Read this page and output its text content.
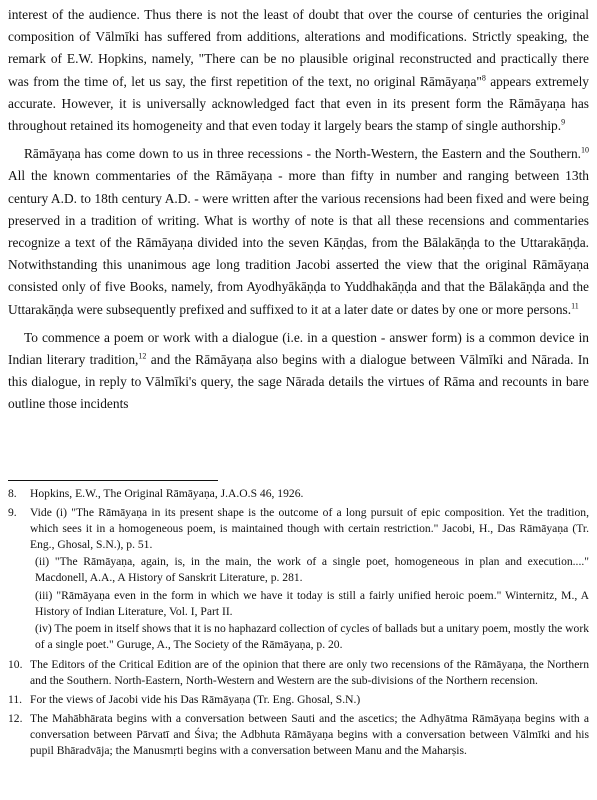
interest of the audience. Thus there is not the least of doubt that over the course of centuries the original composition of Vālmīki has suffered from additions, alterations and modifications. Strictly speaking, the remark of E.W. Hopkins, namely, "There can be no plausible original reconstructed and practically there was from the time of, let us say, the first repetition of the text, no original Rāmāyaṇa"$^8$ appears extremely accurate. However, it is universally acknowledged fact that even in its present form the Rāmāyaṇa has throughout retained its homogeneity and that even today it largely bears the stamp of single authorship.$^9$

Rāmāyaṇa has come down to us in three recessions - the North-Western, the Eastern and the Southern.$^{10}$ All the known commentaries of the Rāmāyaṇa - more than fifty in number and ranging between 13th century A.D. to 18th century A.D. - were written after the various recensions had been fixed and were being preserved in a tradition of writing. What is worthy of note is that all these recensions and commentaries recognize a text of the Rāmāyaṇa divided into the seven Kāṇḍas, from the Bālakāṇḍa to the Uttarakāṇḍa. Notwithstanding this unanimous age long tradition Jacobi asserted the view that the original Rāmāyaṇa consisted only of five Books, namely, from Ayodhyākāṇḍa to Yuddhakāṇḍa and that the Bālakāṇḍa and the Uttarakāṇḍa were subsequently prefixed and suffixed to it at a later date or dates by one or more persons.$^{11}$

To commence a poem or work with a dialogue (i.e. in a question - answer form) is a common device in Indian literary tradition,$^{12}$ and the Rāmāyaṇa also begins with a dialogue between Vālmīki and Nārada. In this dialogue, in reply to Vālmīki's query, the sage Nārada details the virtues of Rāma and recounts in bare outline those incidents

8.	Hopkins, E.W., The Original Rāmāyaṇa, J.A.O.S 46, 1926.
9.	Vide (i) "The Rāmāyaṇa in its present shape is the outcome of a long pursuit of epic composition. Yet the tradition, which sees it in a homogeneous poem, is maintained though with certain restriction." Jacobi, H., Das Rāmāyaṇa (Tr. Eng., Ghosal, S.N.), p. 51.
(ii) "The Rāmāyaṇa, again, is, in the main, the work of a single poet, homogeneous in plan and execution...." Macdonell, A.A., A History of Sanskrit Literature, p. 281.
(iii) "Rāmāyaṇa even in the form in which we have it today is still a fairly unified heroic poem." Winternitz, M., A History of Indian Literature, Vol. I, Part II.
(iv) The poem in itself shows that it is no haphazard collection of cycles of ballads but a unitary poem, mostly the work of a single poet." Guruge, A., The Society of the Rāmāyaṇa, p. 20.
10. The Editors of the Critical Edition are of the opinion that there are only two recensions of the Rāmāyaṇa, the Northern and the Southern. North-Eastern, North-Western and Western are the sub-divisions of the Northern recension.
11. For the views of Jacobi vide his Das Rāmāyaṇa (Tr. Eng. Ghosal, S.N.)
12. The Mahābhārata begins with a conversation between Sauti and the ascetics; the Adhyātma Rāmāyaṇa begins with a conversation between Pārvatī and Śiva; the Adbhuta Rāmāyaṇa begins with a conversation between Vālmīki and his pupil Bhāradvāja; the Manusmṛti begins with a conversation between Manu and the Maharṣis.
